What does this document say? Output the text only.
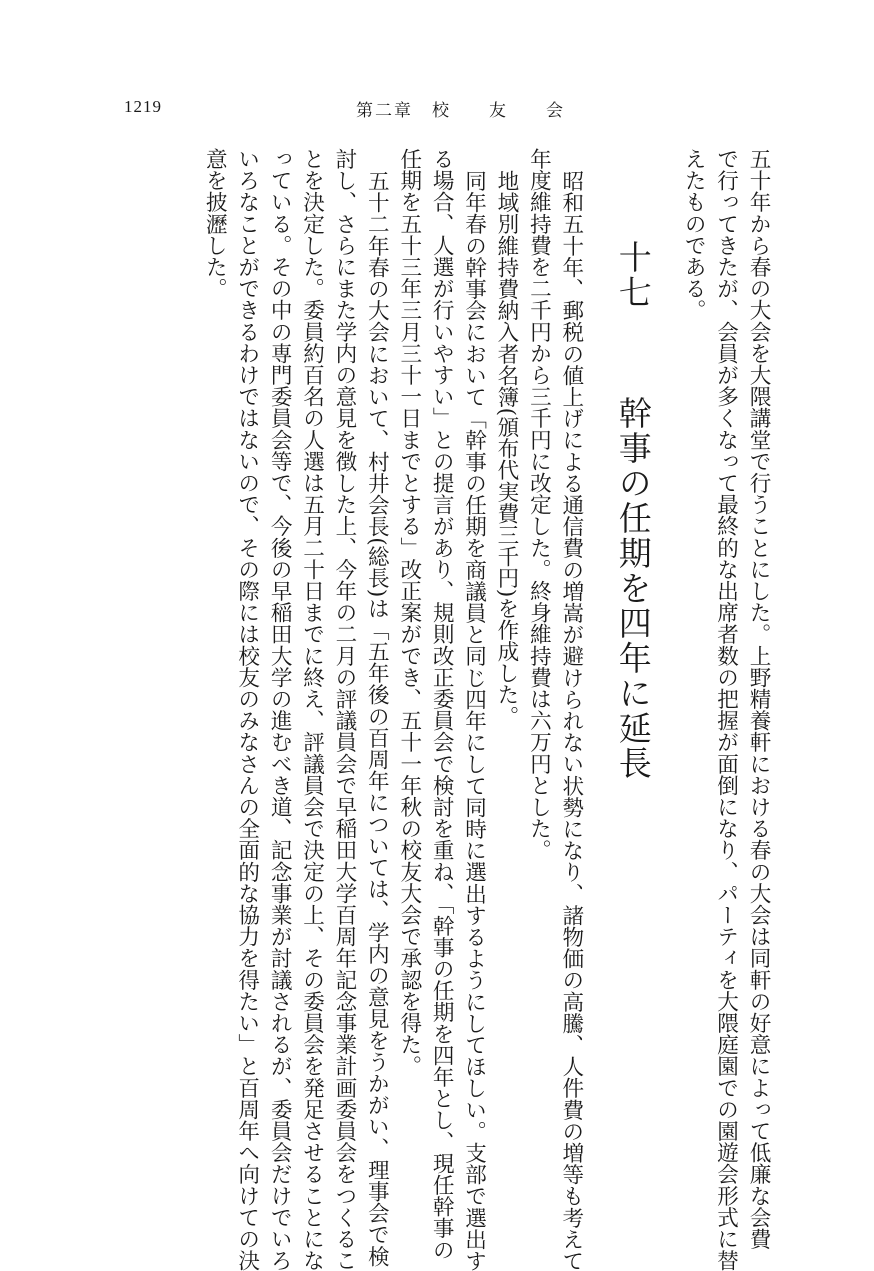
1219	第二章　校　　友　　会

五十年から春の大会を大隈講堂で行うことにした。上野精養軒における春の大会は同軒の好意によって低廉な会費

で行ってきたが、会員が多くなって最終的な出席者数の把握が面倒になり、パーティを大隈庭園での園遊会形式に替

えたものである。

十七幹事の任期を四年に延長

昭和五十年、郵税の値上げによる通信費の増嵩が避けられない状勢になり、諸物価の高騰、人件費の増等も考えて

年度維持費を二千円から三千円に改定した。終身維持費は六万円とした。

地域別維持費納入者名簿(頒布代実費三千円)を作成した。

同年春の幹事会において「幹事の任期を商議員と同じ四年にして同時に選出するようにしてほしい。支部で選出す

る場合、人選が行いやすい」との提言があり、規則改正委員会で検討を重ね、「幹事の任期を四年とし、現任幹事の

任期を五十三年三月三十一日までとする」改正案ができ、五十一年秋の校友大会で承認を得た。

五十二年春の大会において、村井会長(総長)は「五年後の百周年については、学内の意見をうかがい、理事会で検

討し、さらにまた学内の意見を徴した上、今年の二月の評議員会で早稲田大学百周年記念事業計画委員会をつくるこ

とを決定した。委員約百名の人選は五月二十日までに終え、評議員会で決定の上、その委員会を発足させることにな

っている。その中の専門委員会等で、今後の早稲田大学の進むべき道、記念事業が討議されるが、委員会だけでいろ

いろなことができるわけではないので、その際には校友のみなさんの全面的な協力を得たい」と百周年へ向けての決

意を披瀝した。
